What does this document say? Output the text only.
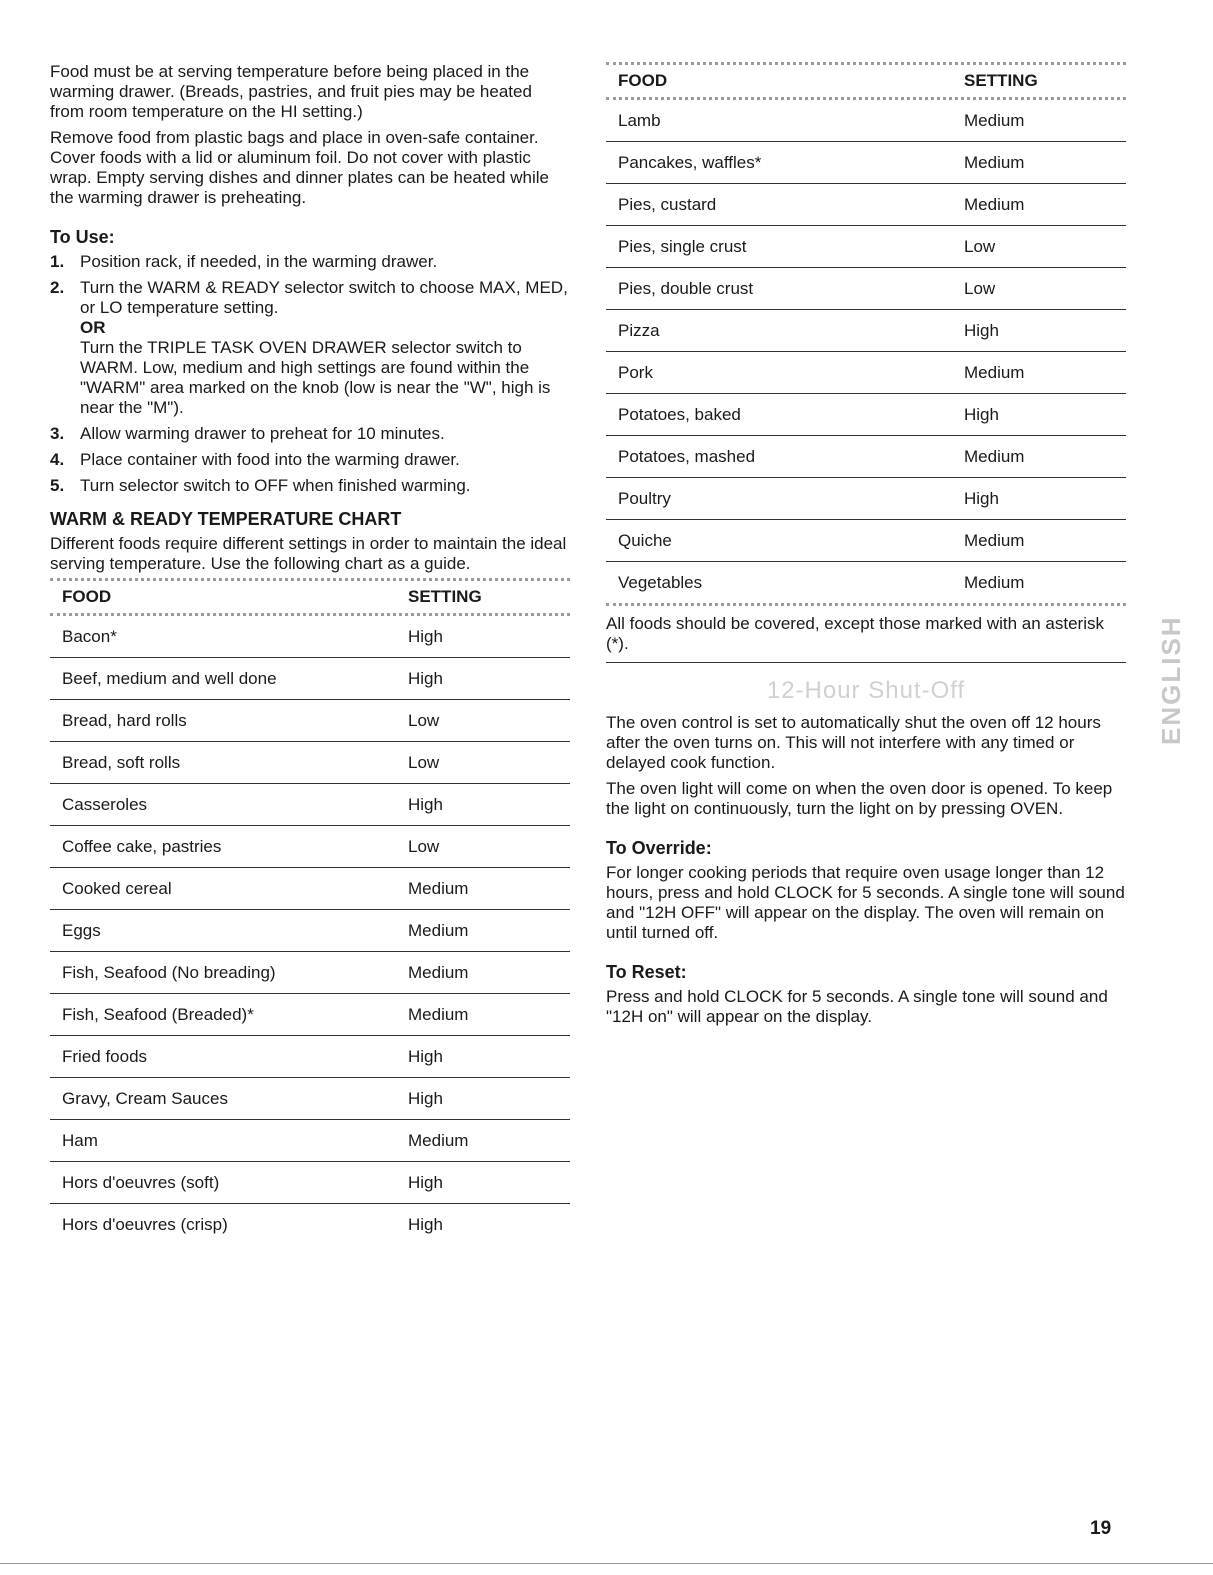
Food must be at serving temperature before being placed in the warming drawer. (Breads, pastries, and fruit pies may be heated from room temperature on the HI setting.)

Remove food from plastic bags and place in oven-safe container. Cover foods with a lid or aluminum foil. Do not cover with plastic wrap. Empty serving dishes and dinner plates can be heated while the warming drawer is preheating.

To Use:
1. Position rack, if needed, in the warming drawer.
2. Turn the WARM & READY selector switch to choose MAX, MED, or LO temperature setting.
OR
Turn the TRIPLE TASK OVEN DRAWER selector switch to WARM. Low, medium and high settings are found within the "WARM" area marked on the knob (low is near the "W", high is near the "M").
3. Allow warming drawer to preheat for 10 minutes.
4. Place container with food into the warming drawer.
5. Turn selector switch to OFF when finished warming.
WARM & READY TEMPERATURE CHART

Different foods require different settings in order to maintain the ideal serving temperature. Use the following chart as a guide.

FOOD	SETTING

Bacon*	High
Beef, medium and well done	High
Bread, hard rolls	Low
Bread, soft rolls	Low
Casseroles	High
Coffee cake, pastries	Low
Cooked cereal	Medium
Eggs	Medium
Fish, Seafood (No breading)	Medium
Fish, Seafood (Breaded)*	Medium
Fried foods	High
Gravy, Cream Sauces	High
Ham	Medium
Hors d'oeuvres (soft)	High
Hors d'oeuvres (crisp)	High
FOOD	SETTING

Lamb	Medium
Pancakes, waffles*	Medium
Pies, custard	Medium
Pies, single crust	Low
Pies, double crust	Low
Pizza	High
Pork	Medium
Potatoes, baked	High
Potatoes, mashed	Medium
Poultry	High
Quiche	Medium
Vegetables	Medium

All foods should be covered, except those marked with an asterisk (*).

12-Hour Shut-Off

The oven control is set to automatically shut the oven off 12 hours after the oven turns on. This will not interfere with any timed or delayed cook function.

The oven light will come on when the oven door is opened. To keep the light on continuously, turn the light on by pressing OVEN.

To Override:

For longer cooking periods that require oven usage longer than 12 hours, press and hold CLOCK for 5 seconds. A single tone will sound and "12H OFF" will appear on the display. The oven will remain on until turned off.

To Reset:

Press and hold CLOCK for 5 seconds. A single tone will sound and "12H on" will appear on the display.

ENGLISH
19
